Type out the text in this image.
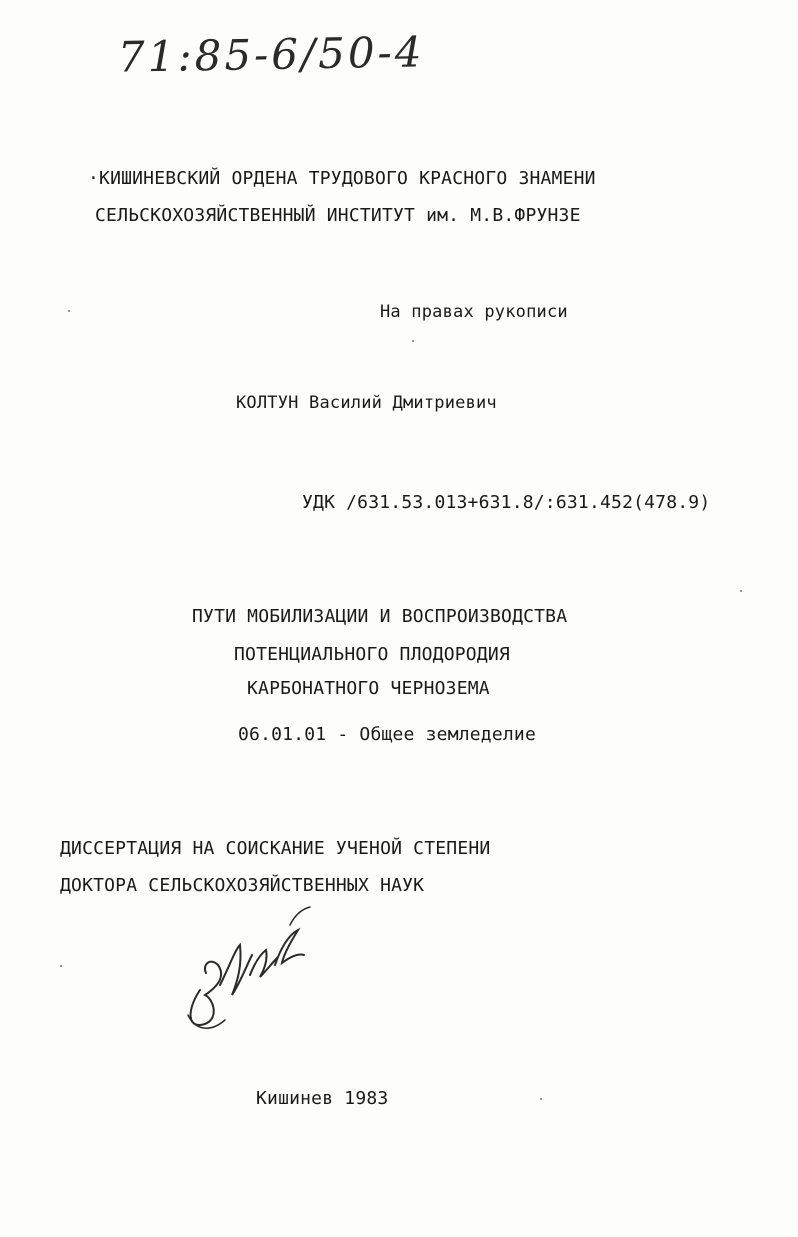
71:85-6/50-4
·КИШИНЕВСКИЙ ОРДЕНА ТРУДОВОГО КРАСНОГО ЗНАМЕНИ
СЕЛЬСКОХОЗЯЙСТВЕННЫЙ ИНСТИТУТ им. М.В.ФРУНЗЕ
На правах рукописи
КОЛТУН Василий Дмитриевич
УДК /631.53.013+631.8/:631.452(478.9)
ПУТИ МОБИЛИЗАЦИИ И ВОСПРОИЗВОДСТВА
ПОТЕНЦИАЛЬНОГО ПЛОДОРОДИЯ
КАРБОНАТНОГО ЧЕРНОЗЕМА
06.01.01 - Общее земледелие
ДИССЕРТАЦИЯ НА СОИСКАНИЕ УЧЕНОЙ СТЕПЕНИ
ДОКТОРА СЕЛЬСКОХОЗЯЙСТВЕННЫХ НАУК
Кишинев 1983
